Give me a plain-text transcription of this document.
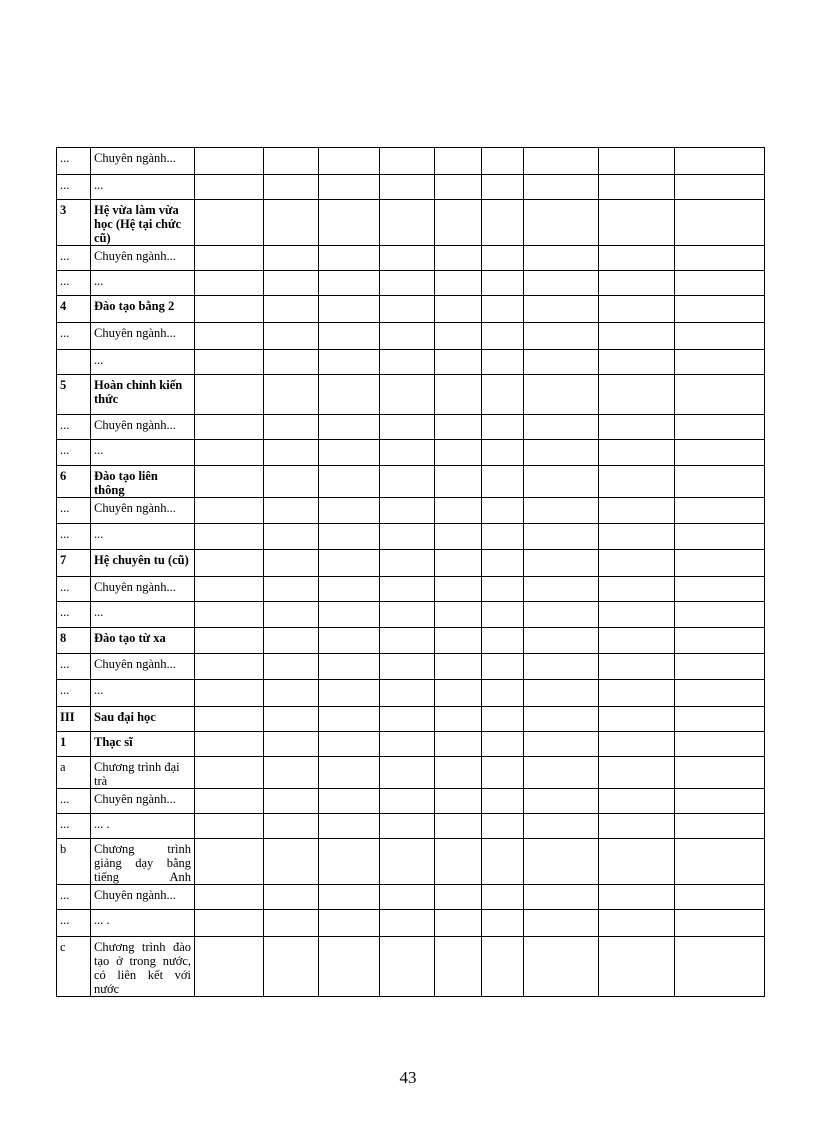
...	Chuyên ngành...									
...	...									
3	Hệ vừa làm vừa học (Hệ tại chức cũ)									
...	Chuyên ngành...									
...	...									
4	Đào tạo bằng 2									
...	Chuyên ngành...									
	...									
5	Hoàn chỉnh kiến thức									
...	Chuyên ngành...									
...	...									
6	Đào tạo liên thông									
...	Chuyên ngành...									
...	...									
7	Hệ chuyên tu (cũ)									
...	Chuyên ngành...									
...	...									
8	Đào tạo từ xa									
...	Chuyên ngành...									
...	...									
III	Sau đại học									
1	Thạc sĩ									
a	Chương trình đại trà									
...	Chuyên ngành...									
...	... .									
b	Chương trình giảng dạy bằng tiếng Anh									
...	Chuyên ngành...									
...	... .									
c	Chương trình đào tạo ở trong nước, có liên kết với nước									
43
